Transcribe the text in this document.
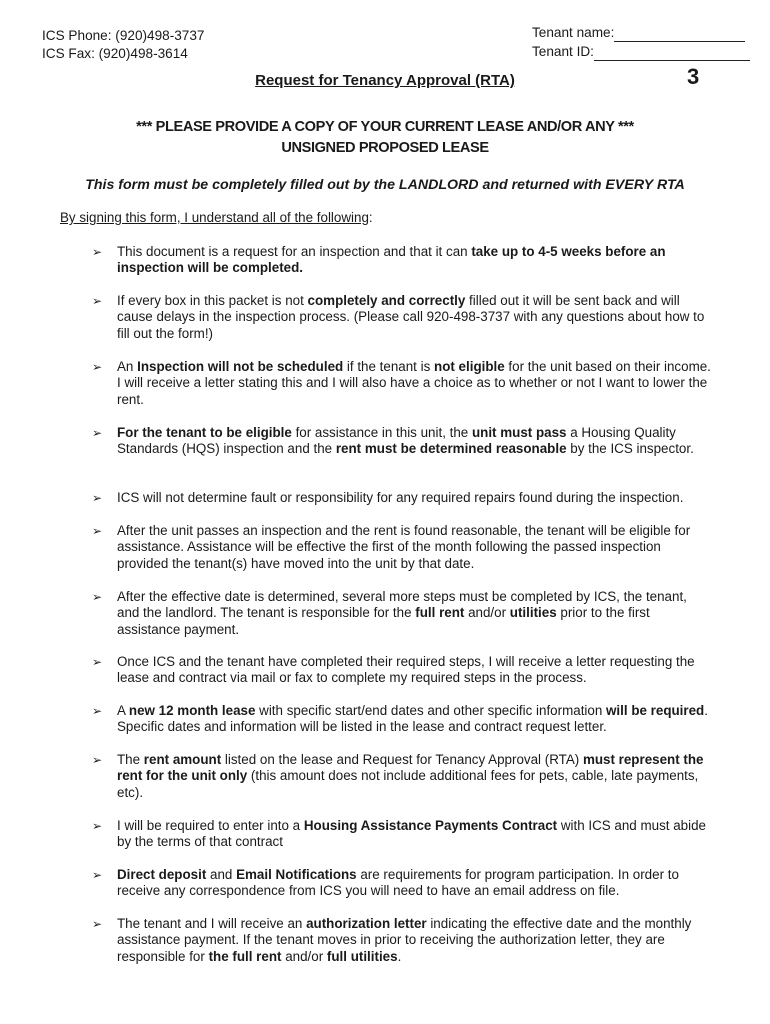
ICS Phone: (920)498-3737
ICS Fax: (920)498-3614
Tenant name:
Tenant ID:
Request for Tenancy Approval (RTA)	3
*** PLEASE PROVIDE A COPY OF YOUR CURRENT LEASE AND/OR ANY ***
UNSIGNED PROPOSED LEASE
This form must be completely filled out by the LANDLORD and returned with EVERY RTA
By signing this form, I understand all of the following:
➢ This document is a request for an inspection and that it can take up to 4-5 weeks before an inspection will be completed.
➢ If every box in this packet is not completely and correctly filled out it will be sent back and will cause delays in the inspection process. (Please call 920-498-3737 with any questions about how to fill out the form!)
➢ An Inspection will not be scheduled if the tenant is not eligible for the unit based on their income. I will receive a letter stating this and I will also have a choice as to whether or not I want to lower the rent.
➢ For the tenant to be eligible for assistance in this unit, the unit must pass a Housing Quality Standards (HQS) inspection and the rent must be determined reasonable by the ICS inspector.
➢ ICS will not determine fault or responsibility for any required repairs found during the inspection.
➢ After the unit passes an inspection and the rent is found reasonable, the tenant will be eligible for assistance. Assistance will be effective the first of the month following the passed inspection provided the tenant(s) have moved into the unit by that date.
➢ After the effective date is determined, several more steps must be completed by ICS, the tenant, and the landlord. The tenant is responsible for the full rent and/or utilities prior to the first assistance payment.
➢ Once ICS and the tenant have completed their required steps, I will receive a letter requesting the lease and contract via mail or fax to complete my required steps in the process.
➢ A new 12 month lease with specific start/end dates and other specific information will be required. Specific dates and information will be listed in the lease and contract request letter.
➢ The rent amount listed on the lease and Request for Tenancy Approval (RTA) must represent the rent for the unit only (this amount does not include additional fees for pets, cable, late payments, etc).
➢ I will be required to enter into a Housing Assistance Payments Contract with ICS and must abide by the terms of that contract
➢ Direct deposit and Email Notifications are requirements for program participation. In order to receive any correspondence from ICS you will need to have an email address on file.
➢ The tenant and I will receive an authorization letter indicating the effective date and the monthly assistance payment. If the tenant moves in prior to receiving the authorization letter, they are responsible for the full rent and/or full utilities.
